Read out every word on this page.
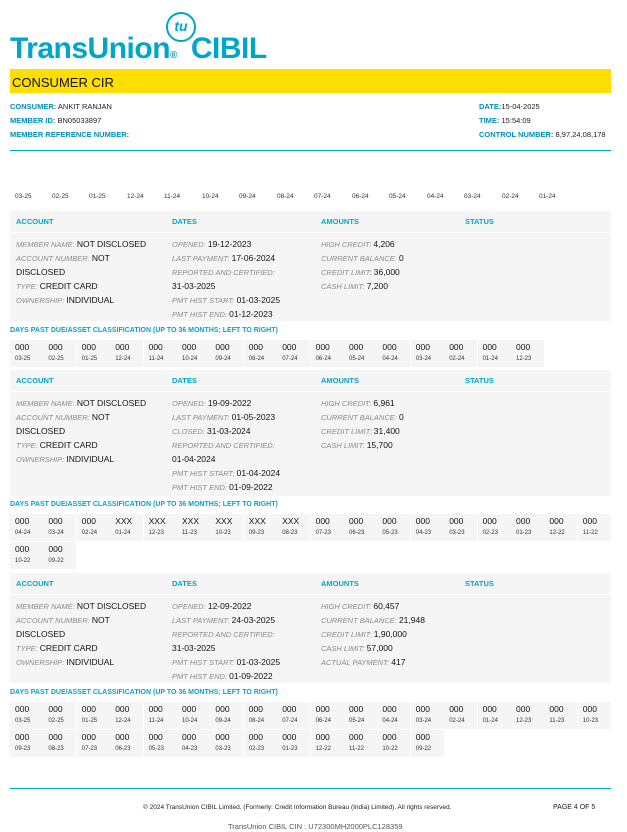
TransUnion® CIBIL
tu
CONSUMER CIR
CONSUMER: ANKIT RANJAN
MEMBER ID: BN05033897
MEMBER REFERENCE NUMBER:
DATE:15-04-2025
TIME: 15:54:09
CONTROL NUMBER: 8,97,24,08,178
03-25	02-25	01-25	12-24	11-24	10-24	09-24	08-24	07-24	06-24	05-24	04-24	03-24	02-24	01-24
ACCOUNT	DATES	AMOUNTS	STATUS
MEMBER NAME: NOT DISCLOSED
ACCOUNT NUMBER: NOT
DISCLOSED
TYPE: CREDIT CARD
OWNERSHIP: INDIVIDUAL
OPENED: 19-12-2023
LAST PAYMENT: 17-06-2024
REPORTED AND CERTIFIED:
31-03-2025
PMT HIST START: 01-03-2025
PMT HIST END: 01-12-2023
HIGH CREDIT: 4,206
CURRENT BALANCE: 0
CREDIT LIMIT: 36,000
CASH LIMIT: 7,200
DAYS PAST DUE/ASSET CLASSIFICATION (UP TO 36 MONTHS; LEFT TO RIGHT)
000
03-25
000
02-25
000
01-25
000
12-24
000
11-24
000
10-24
000
09-24
000
08-24
000
07-24
000
06-24
000
05-24
000
04-24
000
03-24
000
02-24
000
01-24
000
12-23
ACCOUNT	DATES	AMOUNTS	STATUS
MEMBER NAME: NOT DISCLOSED
ACCOUNT NUMBER: NOT
DISCLOSED
TYPE: CREDIT CARD
OWNERSHIP: INDIVIDUAL
OPENED: 19-09-2022
LAST PAYMENT: 01-05-2023
CLOSED: 31-03-2024
REPORTED AND CERTIFIED:
01-04-2024
PMT HIST START: 01-04-2024
PMT HIST END: 01-09-2022
HIGH CREDIT: 6,961
CURRENT BALANCE: 0
CREDIT LIMIT: 31,400
CASH LIMIT: 15,700
DAYS PAST DUE/ASSET CLASSIFICATION (UP TO 36 MONTHS; LEFT TO RIGHT)
000
04-24
000
03-24
000
02-24
XXX
01-24
XXX
12-23
XXX
11-23
XXX
10-23
XXX
09-23
XXX
08-23
000
07-23
000
06-23
000
05-23
000
04-23
000
03-23
000
02-23
000
01-23
000
12-22
000
11-22
000
10-22
000
09-22
ACCOUNT	DATES	AMOUNTS	STATUS
MEMBER NAME: NOT DISCLOSED
ACCOUNT NUMBER: NOT
DISCLOSED
TYPE: CREDIT CARD
OWNERSHIP: INDIVIDUAL
OPENED: 12-09-2022
LAST PAYMENT: 24-03-2025
REPORTED AND CERTIFIED:
31-03-2025
PMT HIST START: 01-03-2025
PMT HIST END: 01-09-2022
HIGH CREDIT: 60,457
CURRENT BALANCE: 21,948
CREDIT LIMIT: 1,90,000
CASH LIMIT: 57,000
ACTUAL PAYMENT: 417
DAYS PAST DUE/ASSET CLASSIFICATION (UP TO 36 MONTHS; LEFT TO RIGHT)
000
03-25
000
02-25
000
01-25
000
12-24
000
11-24
000
10-24
000
09-24
000
08-24
000
07-24
000
06-24
000
05-24
000
04-24
000
03-24
000
02-24
000
01-24
000
12-23
000
11-23
000
10-23
000
09-23
000
08-23
000
07-23
000
06-23
000
05-23
000
04-23
000
03-23
000
02-23
000
01-23
000
12-22
000
11-22
000
10-22
000
09-22
© 2024 TransUnion CIBIL Limited. (Formerly: Credit Information Bureau (India) Limited). All rights reserved.	PAGE 4 OF 5
TransUnion CIBIL CIN : U72300MH2000PLC128359
